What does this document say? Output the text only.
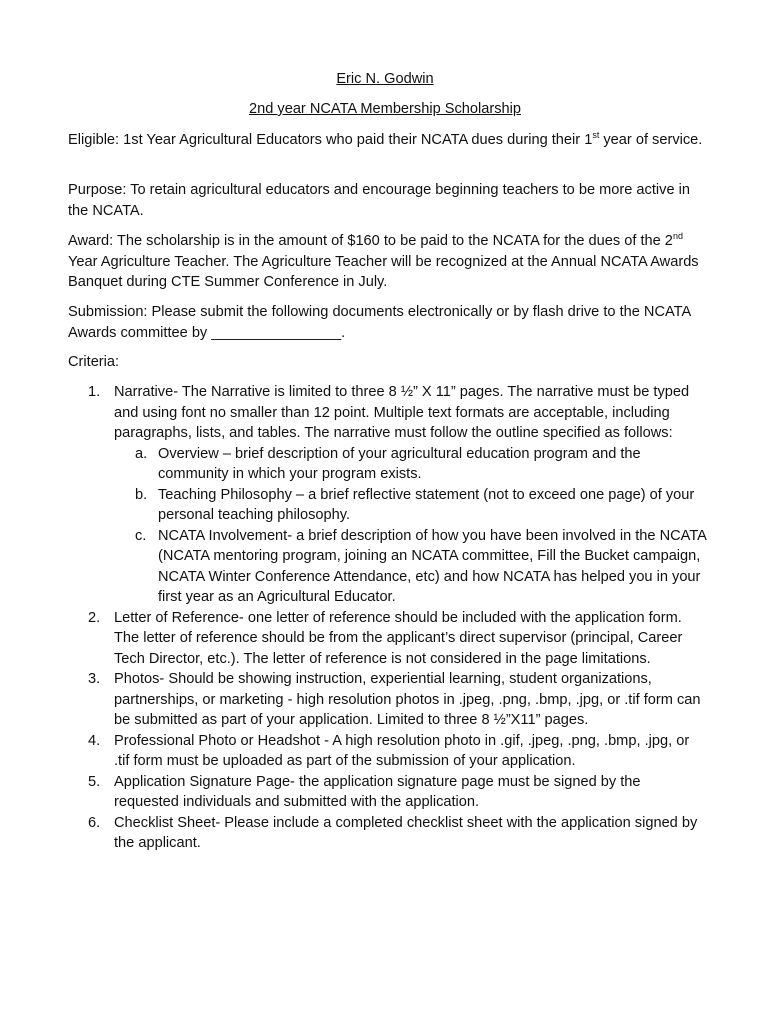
Eric N. Godwin
2nd year NCATA Membership Scholarship
Eligible: 1st Year Agricultural Educators who paid their NCATA dues during their 1st year of service.
Purpose: To retain agricultural educators and encourage beginning teachers to be more active in the NCATA.
Award: The scholarship is in the amount of $160 to be paid to the NCATA for the dues of the 2nd Year Agriculture Teacher. The Agriculture Teacher will be recognized at the Annual NCATA Awards Banquet during CTE Summer Conference in July.
Submission: Please submit the following documents electronically or by flash drive to the NCATA Awards committee by ________________.
Criteria:
1. Narrative- The Narrative is limited to three 8 ½” X 11” pages. The narrative must be typed and using font no smaller than 12 point. Multiple text formats are acceptable, including paragraphs, lists, and tables. The narrative must follow the outline specified as follows:
a. Overview – brief description of your agricultural education program and the community in which your program exists.
b. Teaching Philosophy – a brief reflective statement (not to exceed one page) of your personal teaching philosophy.
c. NCATA Involvement- a brief description of how you have been involved in the NCATA (NCATA mentoring program, joining an NCATA committee, Fill the Bucket campaign, NCATA Winter Conference Attendance, etc) and how NCATA has helped you in your first year as an Agricultural Educator.
2. Letter of Reference- one letter of reference should be included with the application form. The letter of reference should be from the applicant’s direct supervisor (principal, Career Tech Director, etc.). The letter of reference is not considered in the page limitations.
3. Photos- Should be showing instruction, experiential learning, student organizations, partnerships, or marketing - high resolution photos in .jpeg, .png, .bmp, .jpg, or .tif form can be submitted as part of your application. Limited to three 8 ½”X11” pages.
4. Professional Photo or Headshot - A high resolution photo in .gif, .jpeg, .png, .bmp, .jpg, or .tif form must be uploaded as part of the submission of your application.
5. Application Signature Page- the application signature page must be signed by the requested individuals and submitted with the application.
6. Checklist Sheet- Please include a completed checklist sheet with the application signed by the applicant.
